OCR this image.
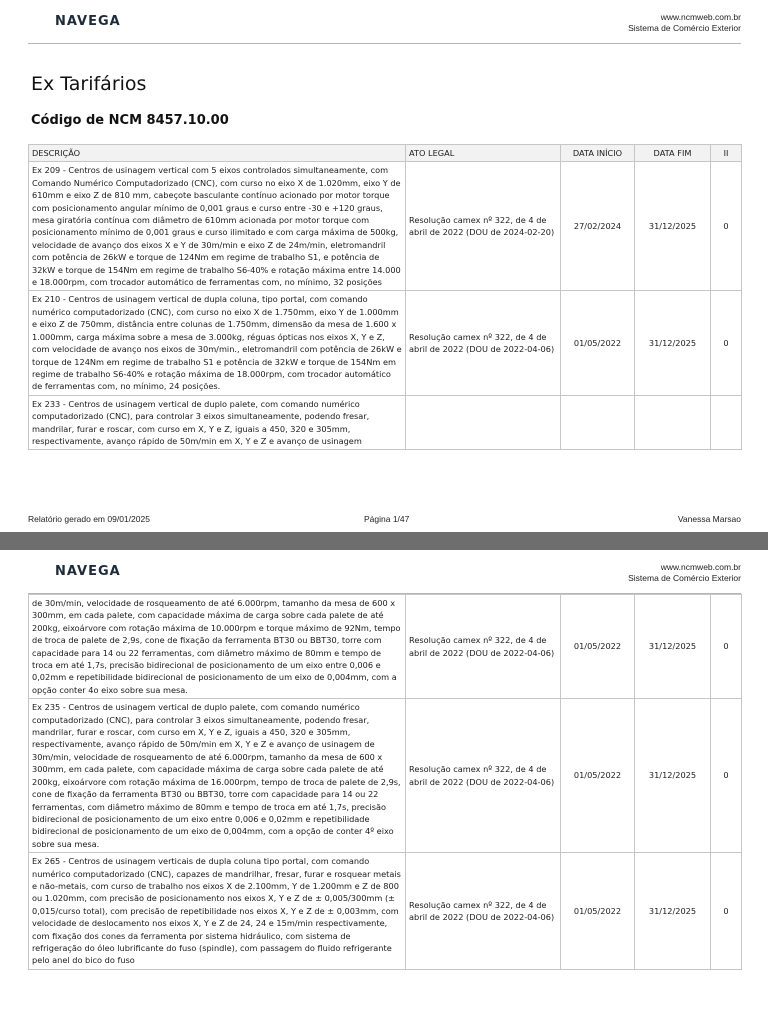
NAVEGA	www.ncmweb.com.br
Sistema de Comércio Exterior
Ex Tarifários
Código de NCM 8457.10.00
DESCRIÇÃO	ATO LEGAL	DATA INÍCIO	DATA FIM	II
Ex 209 - Centros de usinagem vertical com 5 eixos controlados simultaneamente, com Comando Numérico Computadorizado (CNC), com curso no eixo X de 1.020mm, eixo Y de 610mm e eixo Z de 810 mm, cabeçote basculante contínuo acionado por motor torque com posicionamento angular mínimo de 0,001 graus e curso entre -30 e +120 graus, mesa giratória contínua com diâmetro de 610mm acionada por motor torque com posicionamento mínimo de 0,001 graus e curso ilimitado e com carga máxima de 500kg, velocidade de avanço dos eixos X e Y de 30m/min e eixo Z de 24m/min, eletromandril com potência de 26kW e torque de 124Nm em regime de trabalho S1, e potência de 32kW e torque de 154Nm em regime de trabalho S6-40% e rotação máxima entre 14.000 e 18.000rpm, com trocador automático de ferramentas com, no mínimo, 32 posições	Resolução camex nº 322, de 4 de abril de 2022 (DOU de 2024-02-20)	27/02/2024	31/12/2025	0
Ex 210 - Centros de usinagem vertical de dupla coluna, tipo portal, com comando numérico computadorizado (CNC), com curso no eixo X de 1.750mm, eixo Y de 1.000mm e eixo Z de 750mm, distância entre colunas de 1.750mm, dimensão da mesa de 1.600 x 1.000mm, carga máxima sobre a mesa de 3.000kg, réguas ópticas nos eixos X, Y e Z, com velocidade de avanço nos eixos de 30m/min., eletromandril com potência de 26kW e torque de 124Nm em regime de trabalho S1 e potência de 32kW e torque de 154Nm em regime de trabalho S6-40% e rotação máxima de 18.000rpm, com trocador automático de ferramentas com, no mínimo, 24 posições.	Resolução camex nº 322, de 4 de abril de 2022 (DOU de 2022-04-06)	01/05/2022	31/12/2025	0
Ex 233 - Centros de usinagem vertical de duplo palete, com comando numérico computadorizado (CNC), para controlar 3 eixos simultaneamente, podendo fresar, mandrilar, furar e roscar, com curso em X, Y e Z, iguais a 450, 320 e 305mm, respectivamente, avanço rápido de 50m/min em X, Y e Z e avanço de usinagem				
Relatório gerado em 09/01/2025	Página 1/47	Vanessa Marsao
NAVEGA	www.ncmweb.com.br
Sistema de Comércio Exterior
de 30m/min, velocidade de rosqueamento de até 6.000rpm, tamanho da mesa de 600 x 300mm, em cada palete, com capacidade máxima de carga sobre cada palete de até 200kg, eixoárvore com rotação máxima de 10.000rpm e torque máximo de 92Nm, tempo de troca de palete de 2,9s, cone de fixação da ferramenta BT30 ou BBT30, torre com capacidade para 14 ou 22 ferramentas, com diâmetro máximo de 80mm e tempo de troca em até 1,7s, precisão bidirecional de posicionamento de um eixo entre 0,006 e 0,02mm e repetibilidade bidirecional de posicionamento de um eixo de 0,004mm, com a opção conter 4o eixo sobre sua mesa.	Resolução camex nº 322, de 4 de abril de 2022 (DOU de 2022-04-06)	01/05/2022	31/12/2025	0
Ex 235 - Centros de usinagem vertical de duplo palete, com comando numérico computadorizado (CNC), para controlar 3 eixos simultaneamente, podendo fresar, mandrilar, furar e roscar, com curso em X, Y e Z, iguais a 450, 320 e 305mm, respectivamente, avanço rápido de 50m/min em X, Y e Z e avanço de usinagem de 30m/min, velocidade de rosqueamento de até 6.000rpm, tamanho da mesa de 600 x 300mm, em cada palete, com capacidade máxima de carga sobre cada palete de até 200kg, eixoárvore com rotação máxima de 16.000rpm, tempo de troca de palete de 2,9s, cone de fixação da ferramenta BT30 ou BBT30, torre com capacidade para 14 ou 22 ferramentas, com diâmetro máximo de 80mm e tempo de troca em até 1,7s, precisão bidirecional de posicionamento de um eixo entre 0,006 e 0,02mm e repetibilidade bidirecional de posicionamento de um eixo de 0,004mm, com a opção de conter 4º eixo sobre sua mesa.	Resolução camex nº 322, de 4 de abril de 2022 (DOU de 2022-04-06)	01/05/2022	31/12/2025	0
Ex 265 - Centros de usinagem verticais de dupla coluna tipo portal, com comando numérico computadorizado (CNC), capazes de mandrilhar, fresar, furar e rosquear metais e não-metais, com curso de trabalho nos eixos X de 2.100mm, Y de 1.200mm e Z de 800 ou 1.020mm, com precisão de posicionamento nos eixos X, Y e Z de ± 0,005/300mm (± 0,015/curso total), com precisão de repetibilidade nos eixos X, Y e Z de ± 0,003mm, com velocidade de deslocamento nos eixos X, Y e Z de 24, 24 e 15m/min respectivamente, com fixação dos cones da ferramenta por sistema hidráulico, com sistema de refrigeração do óleo lubrificante do fuso (spindle), com passagem do fluido refrigerante pelo anel do bico do fuso	Resolução camex nº 322, de 4 de abril de 2022 (DOU de 2022-04-06)	01/05/2022	31/12/2025	0
